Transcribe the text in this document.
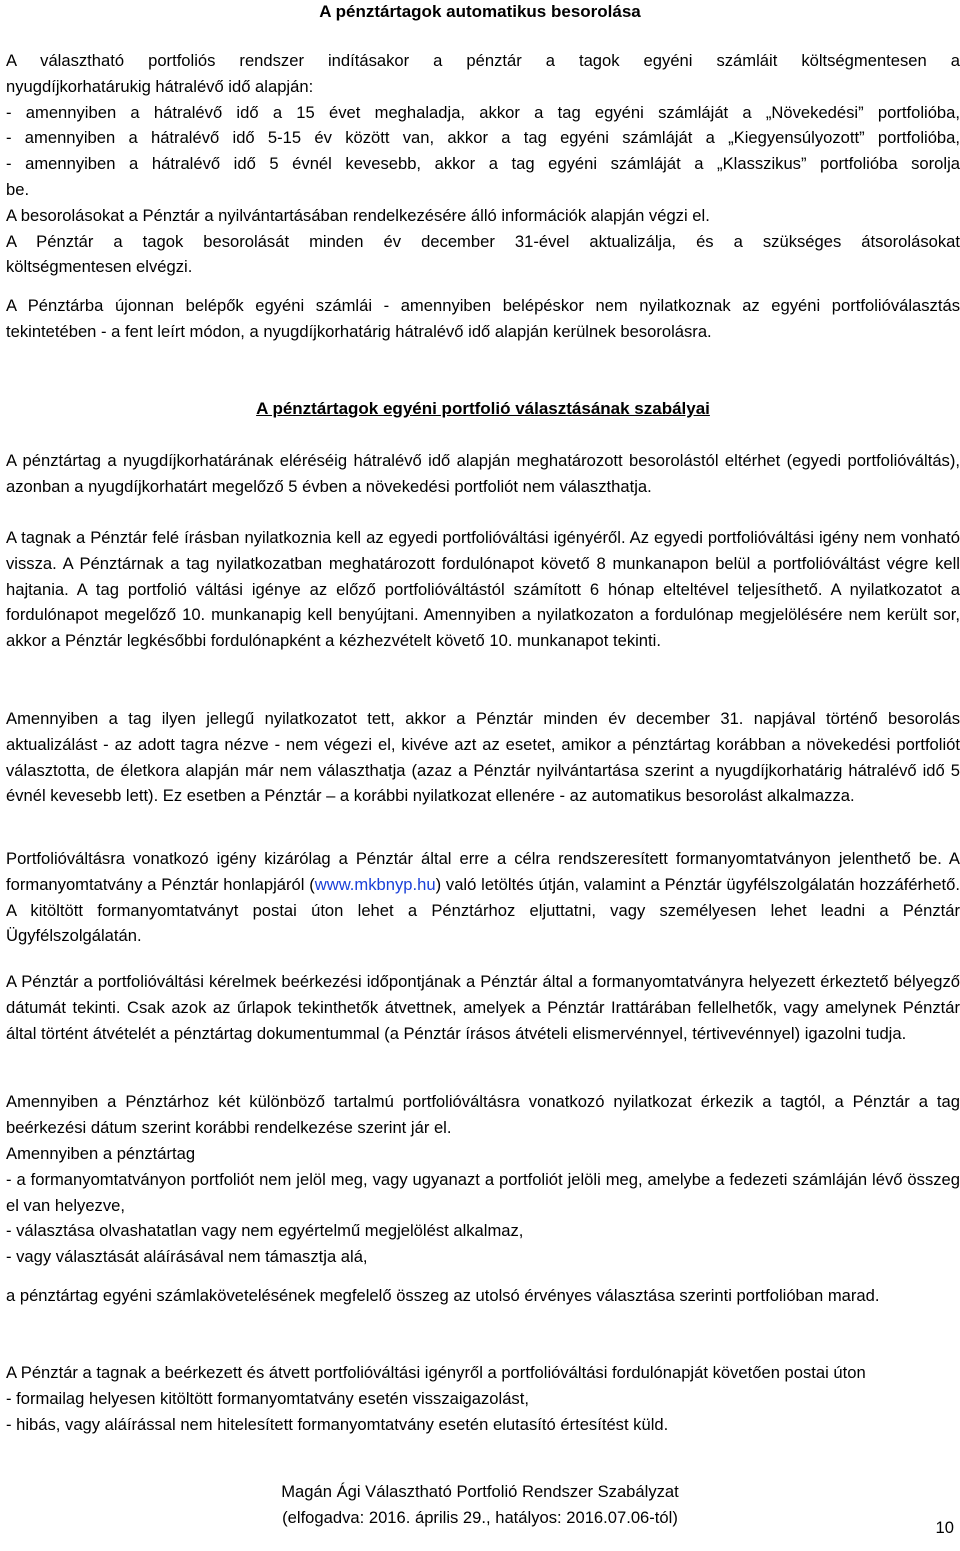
A pénztártagok automatikus besorolása

A választható portfoliós rendszer indításakor a pénztár a tagok egyéni számláit költségmentesen a

nyugdíjkorhatárukig hátralévő idő alapján:

- amennyiben a hátralévő idő a 15 évet meghaladja, akkor a tag egyéni számláját a „Növekedési” portfolióba,

- amennyiben a hátralévő idő 5-15 év között van, akkor a tag egyéni számláját a „Kiegyensúlyozott” portfolióba,

- amennyiben a hátralévő idő 5 évnél kevesebb, akkor a tag egyéni számláját a „Klasszikus” portfolióba sorolja

be.

A besorolásokat a Pénztár a nyilvántartásában rendelkezésére álló információk alapján végzi el.

A Pénztár a tagok besorolását minden év december 31-ével aktualizálja, és a szükséges átsorolásokat

költségmentesen elvégzi.

A Pénztárba újonnan belépők egyéni számlái - amennyiben belépéskor nem nyilatkoznak az egyéni portfolióválasztás tekintetében - a fent leírt módon, a nyugdíjkorhatárig hátralévő idő alapján kerülnek besorolásra.

A pénztártagok egyéni portfolió választásának szabályai

A pénztártag a nyugdíjkorhatárának eléréséig hátralévő idő alapján meghatározott besorolástól eltérhet (egyedi portfolióváltás), azonban a nyugdíjkorhatárt megelőző 5 évben a növekedési portfoliót nem választhatja.

A tagnak a Pénztár felé írásban nyilatkoznia kell az egyedi portfolióváltási igényéről. Az egyedi portfolióváltási igény nem vonható vissza. A Pénztárnak a tag nyilatkozatban meghatározott fordulónapot követő 8 munkanapon belül a portfolióváltást végre kell hajtania. A tag portfolió váltási igénye az előző portfolióváltástól számított 6 hónap elteltével teljesíthető. A nyilatkozatot a fordulónapot megelőző 10. munkanapig kell benyújtani. Amennyiben a nyilatkozaton a fordulónap megjelölésére nem került sor, akkor a Pénztár legkésőbbi fordulónapként a kézhezvételt követő 10. munkanapot tekinti.

Amennyiben a tag ilyen jellegű nyilatkozatot tett, akkor a Pénztár minden év december 31. napjával történő besorolás aktualizálást - az adott tagra nézve - nem végezi el, kivéve azt az esetet, amikor a pénztártag korábban a növekedési portfoliót választotta, de életkora alapján már nem választhatja (azaz a Pénztár nyilvántartása szerint a nyugdíjkorhatárig hátralévő idő 5 évnél kevesebb lett). Ez esetben a Pénztár – a korábbi nyilatkozat ellenére - az automatikus besorolást alkalmazza.

Portfolióváltásra vonatkozó igény kizárólag a Pénztár által erre a célra rendszeresített formanyomtatványon jelenthető be. A formanyomtatvány a Pénztár honlapjáról (www.mkbnyp.hu) való letöltés útján, valamint a Pénztár ügyfélszolgálatán hozzáférhető. A kitöltött formanyomtatványt postai úton lehet a Pénztárhoz eljuttatni, vagy személyesen lehet leadni a Pénztár Ügyfélszolgálatán.

A Pénztár a portfolióváltási kérelmek beérkezési időpontjának a Pénztár által a formanyomtatványra helyezett érkeztető bélyegző dátumát tekinti. Csak azok az űrlapok tekinthetők átvettnek, amelyek a Pénztár Irattárában fellelhetők, vagy amelynek Pénztár által történt átvételét a pénztártag dokumentummal (a Pénztár írásos átvételi elismervénnyel, tértivevénnyel) igazolni tudja.

Amennyiben a Pénztárhoz két különböző tartalmú portfolióváltásra vonatkozó nyilatkozat érkezik a tagtól, a Pénztár a tag beérkezési dátum szerint korábbi rendelkezése szerint jár el.

Amennyiben a pénztártag

- a formanyomtatványon portfoliót nem jelöl meg, vagy ugyanazt a portfoliót jelöli meg, amelybe a fedezeti számláján lévő összeg el van helyezve,

- választása olvashatatlan vagy nem egyértelmű megjelölést alkalmaz,

- vagy választását aláírásával nem támasztja alá,

a pénztártag egyéni számlakövetelésének megfelelő összeg az utolsó érvényes választása szerinti portfolióban marad.

A Pénztár a tagnak a beérkezett és átvett portfolióváltási igényről a portfolióváltási fordulónapját követően postai úton

- formailag helyesen kitöltött formanyomtatvány esetén visszaigazolást,

- hibás, vagy aláírással nem hitelesített formanyomtatvány esetén elutasító értesítést küld.

Magán Ági Választható Portfolió Rendszer Szabályzat
(elfogadva: 2016. április 29., hatályos: 2016.07.06-tól)
10
